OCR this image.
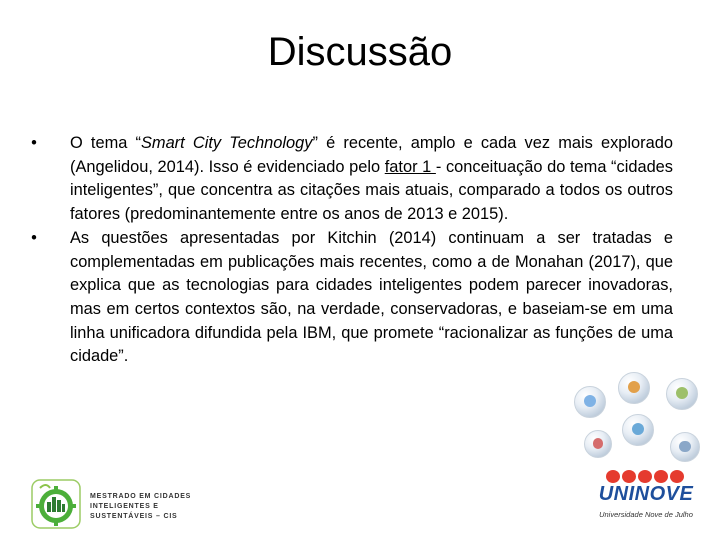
Discussão
• O tema “Smart City Technology” é recente, amplo e cada vez mais explorado (Angelidou, 2014). Isso é evidenciado pelo fator 1 - conceituação do tema “cidades inteligentes”, que concentra as citações mais atuais, comparado a todos os outros fatores (predominantemente entre os anos de 2013 e 2015).
• As questões apresentadas por Kitchin (2014) continuam a ser tratadas e complementadas em publicações mais recentes, como a de Monahan (2017), que explica que as tecnologias para cidades inteligentes podem parecer inovadoras, mas em certos contextos são, na verdade, conservadoras, e baseiam-se em uma linha unificadora difundida pela IBM, que promete “racionalizar as funções de uma cidade”.
MESTRADO EM CIDADES
INTELIGENTES E
SUSTENTÁVEIS – CIS
UNINOVE
Universidade Nove de Julho
